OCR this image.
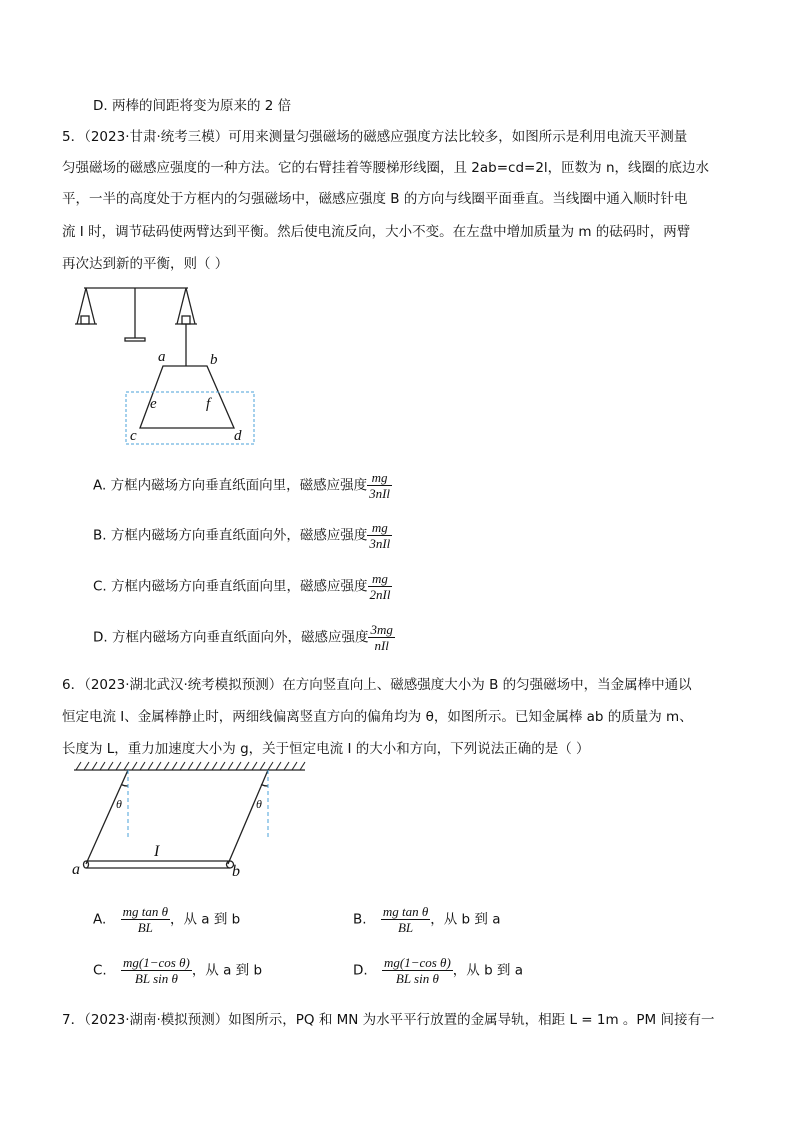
D. 两棒的间距将变为原来的 2 倍
5．（2023·甘肃·统考三模）可用来测量匀强磁场的磁感应强度方法比较多，如图所示是利用电流天平测量
匀强磁场的磁感应强度的一种方法。它的右臂挂着等腰梯形线圈，且 2ab=cd=2l，匝数为 n，线圈的底边水
平，一半的高度处于方框内的匀强磁场中，磁感应强度 B 的方向与线圈平面垂直。当线圈中通入顺时针电
流 I 时，调节砝码使两臂达到平衡。然后使电流反向，大小不变。在左盘中增加质量为 m 的砝码时，两臂
再次达到新的平衡，则（ ）
a	b
e	f
c	d
A. 方框内磁场方向垂直纸面向里，磁感应强度 $\frac{mg}{\text{3nIl}}$
B. 方框内磁场方向垂直纸面向外，磁感应强度 $\frac{mg}{\text{3nIl}}$
C. 方框内磁场方向垂直纸面向里，磁感应强度 $\frac{mg}{\text{2nIl}}$
D. 方框内磁场方向垂直纸面向外，磁感应强度 $\frac{3mg}{\text{nIl}}$
6．（2023·湖北武汉·统考模拟预测）在方向竖直向上、磁感强度大小为 B 的匀强磁场中，当金属棒中通以
恒定电流 I、金属棒静止时，两细线偏离竖直方向的偏角均为 θ，如图所示。已知金属棒 ab 的质量为 m、
长度为 L，重力加速度大小为 g，关于恒定电流 I 的大小和方向，下列说法正确的是（ ）
θ	θ
I
a	b
A. $\frac{\text{mg tan θ}}{BL}$ ，从 a 到 b	B. $\frac{\text{mg tan θ}}{BL}$ ，从 b 到 a
C. $\frac{\text{mg(1−cos θ)}}{\text{BL sin θ}}$ ，从 a 到 b	D. $\frac{\text{mg(1−cos θ)}}{\text{BL sin θ}}$ ，从 b 到 a
7．（2023·湖南·模拟预测）如图所示，PQ 和 MN 为水平平行放置的金属导轨，相距 L = 1m 。PM 间接有一
